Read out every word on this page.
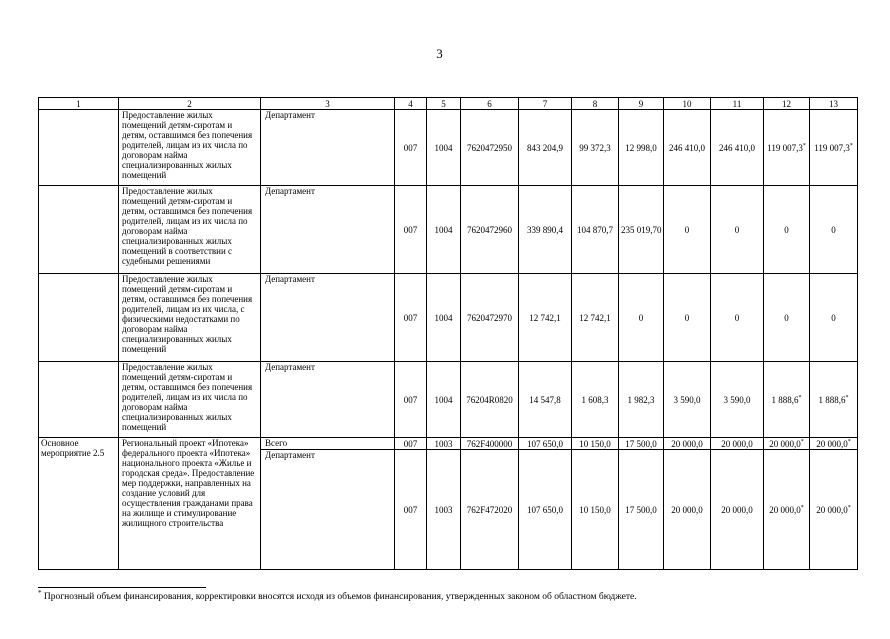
3
1	2	3	4	5	6	7	8	9	10	11	12	13
	Предоставление жилых помещений детям-сиротам и детям, оставшимся без попечения родителей, лицам из их числа по договорам найма специализированных жилых помещений	Департамент	007	1004	7620472950	843 204,9	99 372,3	12 998,0	246 410,0	246 410,0	119 007,3*	119 007,3*
	Предоставление жилых помещений детям-сиротам и детям, оставшимся без попечения родителей, лицам из их числа по договорам найма специализированных жилых помещений в соответствии с судебными решениями	Департамент	007	1004	7620472960	339 890,4	104 870,7	235 019,70	0	0	0	0
	Предоставление жилых помещений детям-сиротам и детям, оставшимся без попечения родителей, лицам из их числа, с физическими недостатками по договорам найма специализированных жилых помещений	Департамент	007	1004	7620472970	12 742,1	12 742,1	0	0	0	0	0
	Предоставление жилых помещений детям-сиротам и детям, оставшимся без попечения родителей, лицам из их числа по договорам найма специализированных жилых помещений	Департамент	007	1004	76204R0820	14 547,8	1 608,3	1 982,3	3 590,0	3 590,0	1 888,6*	1 888,6*
Основное мероприятие 2.5	Региональный проект «Ипотека» федерального проекта «Ипотека» национального проекта «Жилье и городская среда». Предоставление мер поддержки, направленных на создание условий для осуществления гражданами права на жилище и стимулирование жилищного строительства	Всего	007	1003	762F400000	107 650,0	10 150,0	17 500,0	20 000,0	20 000,0	20 000,0*	20 000,0*
		Департамент	007	1003	762F472020	107 650,0	10 150,0	17 500,0	20 000,0	20 000,0	20 000,0*	20 000,0*
* Прогнозный объем финансирования, корректировки вносятся исходя из объемов финансирования, утвержденных законом об областном бюджете.
